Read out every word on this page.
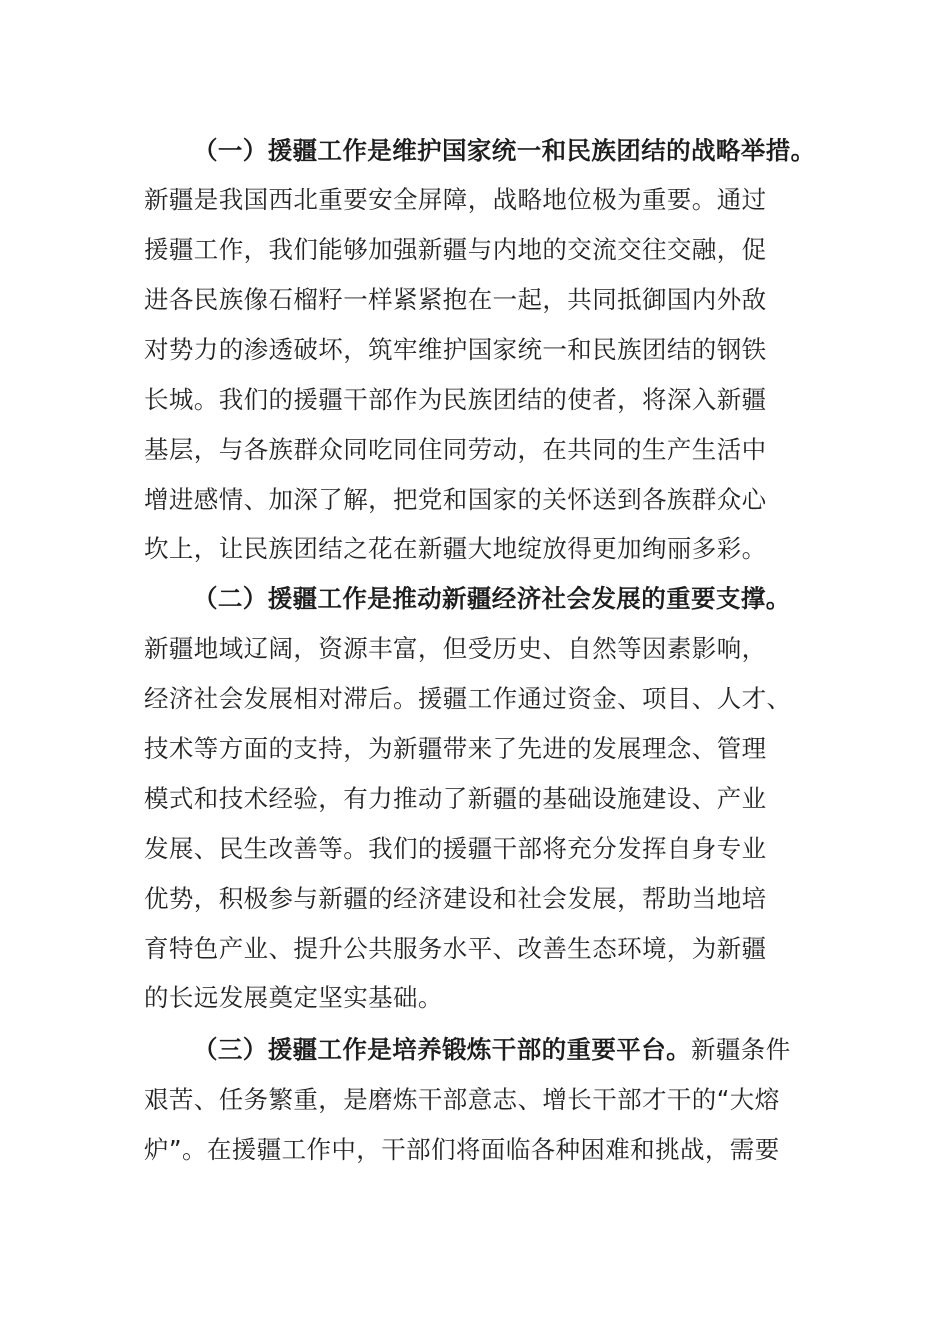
（一）援疆工作是维护国家统一和民族团结的战略举措。
新疆是我国西北重要安全屏障，战略地位极为重要。通过
援疆工作，我们能够加强新疆与内地的交流交往交融，促
进各民族像石榴籽一样紧紧抱在一起，共同抵御国内外敌
对势力的渗透破坏，筑牢维护国家统一和民族团结的钢铁
长城。我们的援疆干部作为民族团结的使者，将深入新疆
基层，与各族群众同吃同住同劳动，在共同的生产生活中
增进感情、加深了解，把党和国家的关怀送到各族群众心
坎上，让民族团结之花在新疆大地绽放得更加绚丽多彩。
（二）援疆工作是推动新疆经济社会发展的重要支撑。
新疆地域辽阔，资源丰富，但受历史、自然等因素影响，
经济社会发展相对滞后。援疆工作通过资金、项目、人才、
技术等方面的支持，为新疆带来了先进的发展理念、管理
模式和技术经验，有力推动了新疆的基础设施建设、产业
发展、民生改善等。我们的援疆干部将充分发挥自身专业
优势，积极参与新疆的经济建设和社会发展，帮助当地培
育特色产业、提升公共服务水平、改善生态环境，为新疆
的长远发展奠定坚实基础。
（三）援疆工作是培养锻炼干部的重要平台。新疆条件
艰苦、任务繁重，是磨炼干部意志、增长干部才干的“大熔
炉”。在援疆工作中，干部们将面临各种困难和挑战，需要
